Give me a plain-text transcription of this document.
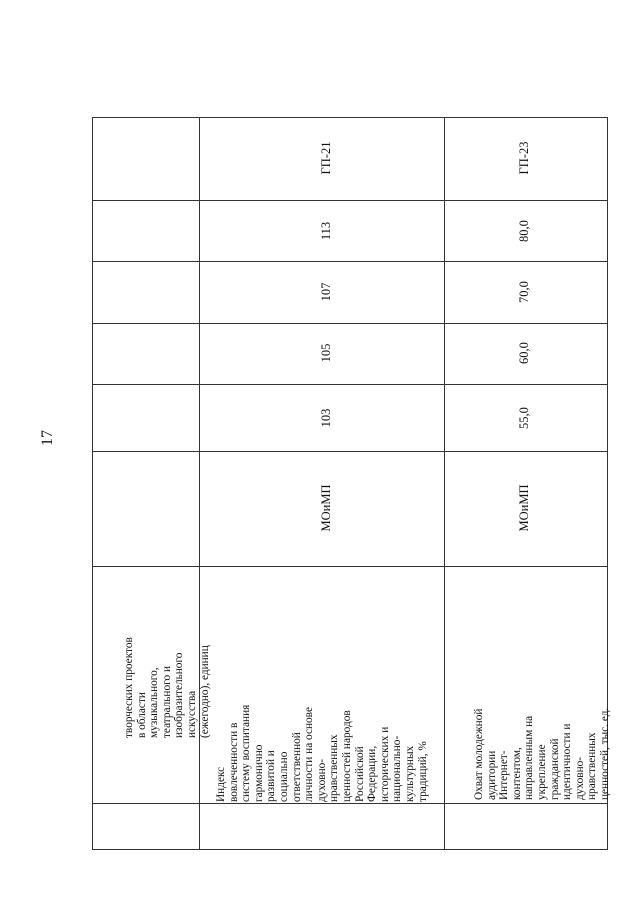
17
творческих проектов в области музыкального, театрального и изобразительного искусства (ежегодно), единиц
Индекс вовлеченности в систему воспитания гармонично развитой и социально ответственной личности на основе духовно- нравственных ценностей народов Российской Федерации, исторических и национально- культурных традиций, %
МОиМП
103
105
107
113
ГП-21
Охват молодежной аудитории Интернет- контентом, направленным на укрепление гражданской идентичности и духовно- нравственных ценностей, тыс. ед.
МОиМП
55,0
60,0
70,0
80,0
ГП-23
